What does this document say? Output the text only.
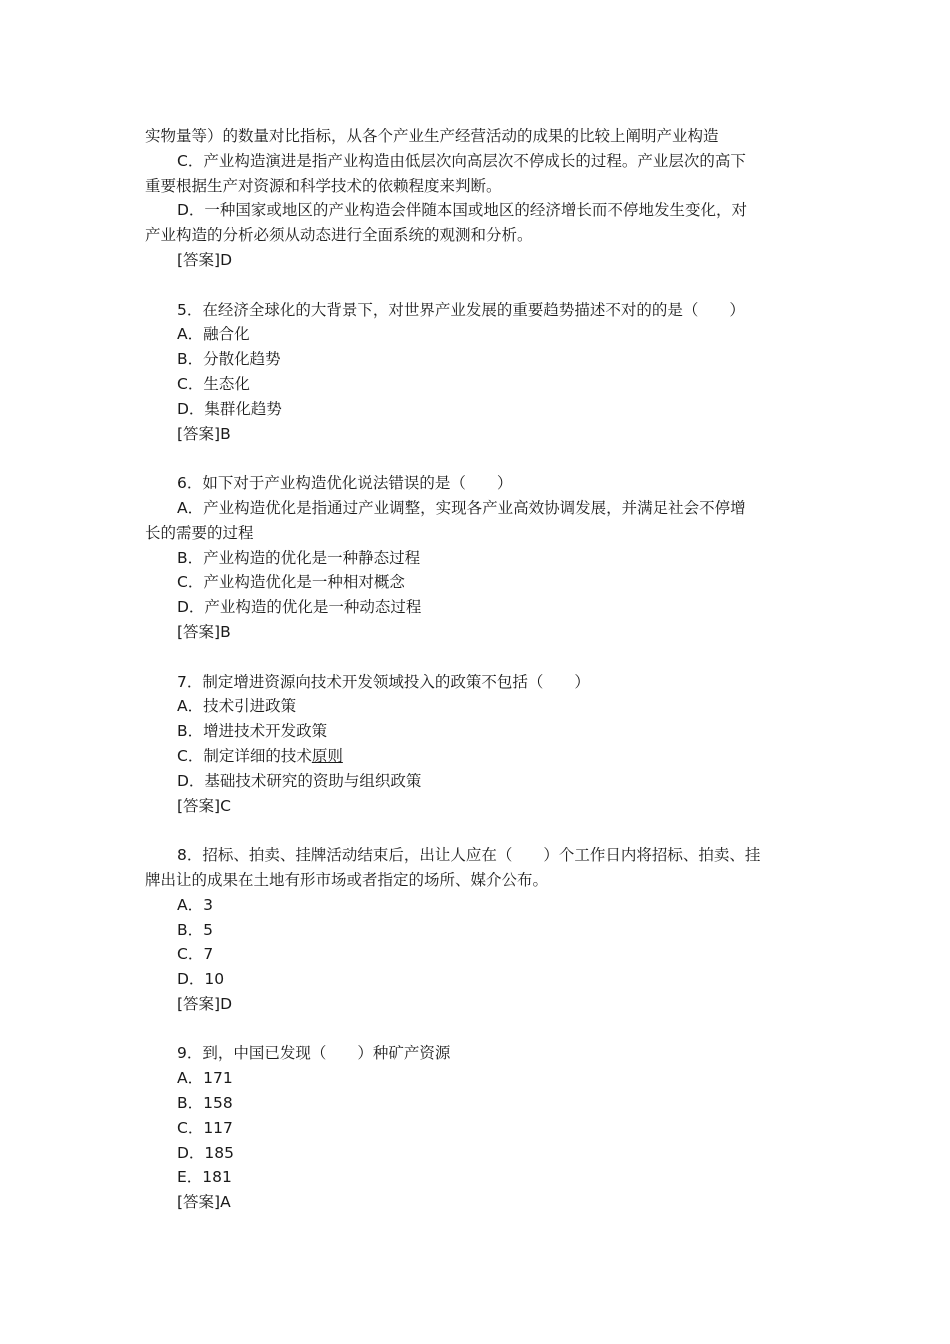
实物量等）的数量对比指标，从各个产业生产经营活动的成果的比较上阐明产业构造
C．产业构造演进是指产业构造由低层次向高层次不停成长的过程。产业层次的高下
重要根据生产对资源和科学技术的依赖程度来判断。
D．一种国家或地区的产业构造会伴随本国或地区的经济增长而不停地发生变化，对
产业构造的分析必须从动态进行全面系统的观测和分析。
[答案]D
5．在经济全球化的大背景下，对世界产业发展的重要趋势描述不对的的是（　　）
A．融合化
B．分散化趋势
C．生态化
D．集群化趋势
[答案]B
6．如下对于产业构造优化说法错误的是（　　）
A．产业构造优化是指通过产业调整，实现各产业高效协调发展，并满足社会不停增
长的需要的过程
B．产业构造的优化是一种静态过程
C．产业构造优化是一种相对概念
D．产业构造的优化是一种动态过程
[答案]B
7．制定增进资源向技术开发领域投入的政策不包括（　　）
A．技术引进政策
B．增进技术开发政策
C．制定详细的技术原则
D．基础技术研究的资助与组织政策
[答案]C
8．招标、拍卖、挂牌活动结束后，出让人应在（　　）个工作日内将招标、拍卖、挂
牌出让的成果在土地有形市场或者指定的场所、媒介公布。
A．3
B．5
C．7
D．10
[答案]D
9．到，中国已发现（　　）种矿产资源
A．171
B．158
C．117
D．185
E．181
[答案]A
